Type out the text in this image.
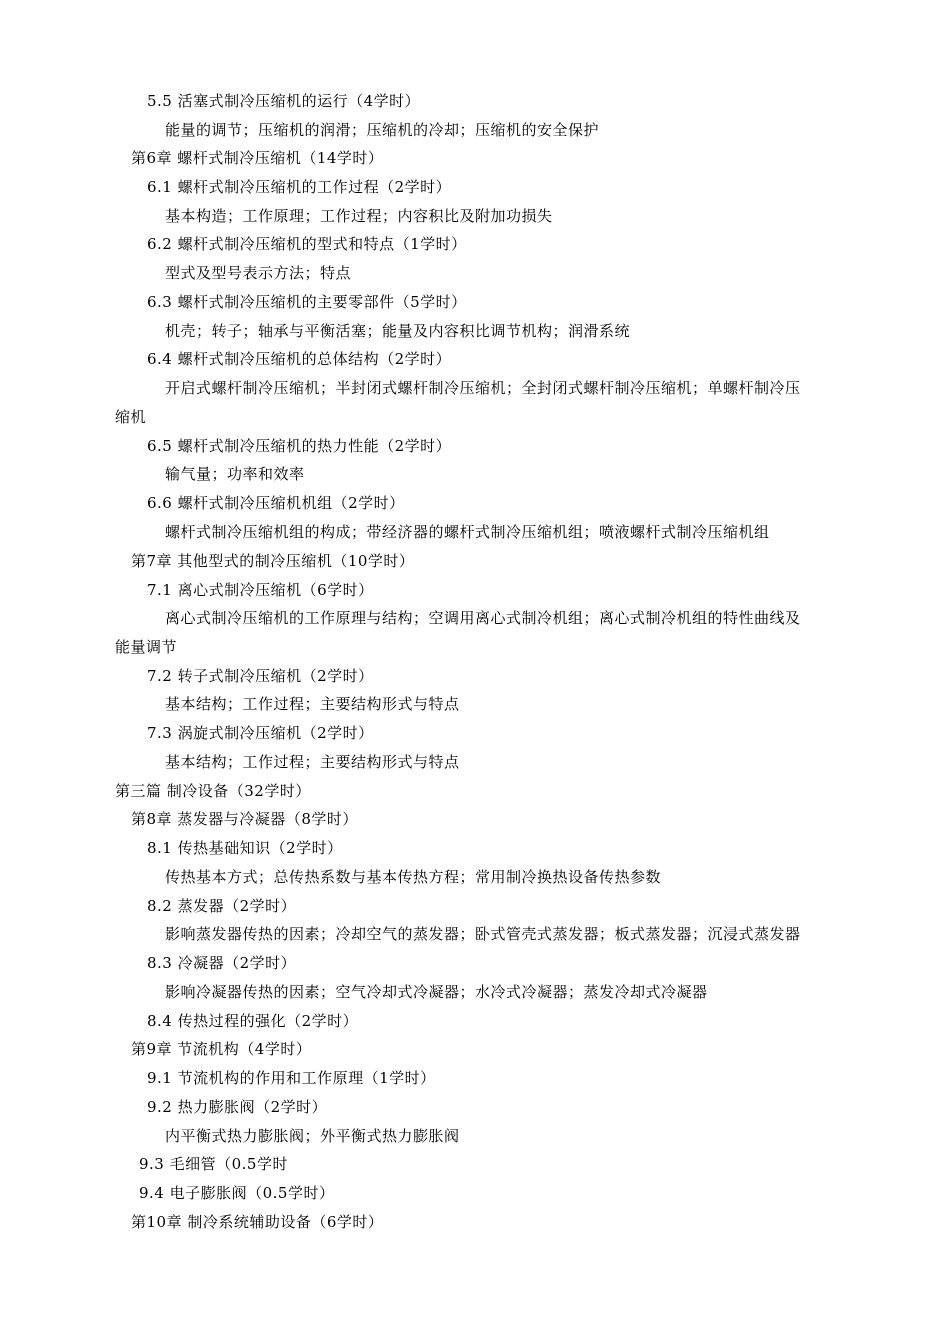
5.5 活塞式制冷压缩机的运行（4学时）
能量的调节；压缩机的润滑；压缩机的冷却；压缩机的安全保护
第6章 螺杆式制冷压缩机（14学时）
6.1 螺杆式制冷压缩机的工作过程（2学时）
基本构造；工作原理；工作过程；内容积比及附加功损失
6.2 螺杆式制冷压缩机的型式和特点（1学时）
型式及型号表示方法；特点
6.3 螺杆式制冷压缩机的主要零部件（5学时）
机壳；转子；轴承与平衡活塞；能量及内容积比调节机构；润滑系统
6.4 螺杆式制冷压缩机的总体结构（2学时）
开启式螺杆制冷压缩机；半封闭式螺杆制冷压缩机；全封闭式螺杆制冷压缩机；单螺杆制冷压
缩机
6.5 螺杆式制冷压缩机的热力性能（2学时）
输气量；功率和效率
6.6 螺杆式制冷压缩机机组（2学时）
螺杆式制冷压缩机组的构成；带经济器的螺杆式制冷压缩机组；喷液螺杆式制冷压缩机组
第7章 其他型式的制冷压缩机（10学时）
7.1 离心式制冷压缩机（6学时）
离心式制冷压缩机的工作原理与结构；空调用离心式制冷机组；离心式制冷机组的特性曲线及
能量调节
7.2 转子式制冷压缩机（2学时）
基本结构；工作过程；主要结构形式与特点
7.3 涡旋式制冷压缩机（2学时）
基本结构；工作过程；主要结构形式与特点
第三篇 制冷设备（32学时）
第8章 蒸发器与冷凝器（8学时）
8.1 传热基础知识（2学时）
传热基本方式；总传热系数与基本传热方程；常用制冷换热设备传热参数
8.2 蒸发器（2学时）
影响蒸发器传热的因素；冷却空气的蒸发器；卧式管壳式蒸发器；板式蒸发器；沉浸式蒸发器
8.3 冷凝器（2学时）
影响冷凝器传热的因素；空气冷却式冷凝器；水冷式冷凝器；蒸发冷却式冷凝器
8.4 传热过程的强化（2学时）
第9章 节流机构（4学时）
9.1 节流机构的作用和工作原理（1学时）
9.2 热力膨胀阀（2学时）
内平衡式热力膨胀阀；外平衡式热力膨胀阀
9.3 毛细管（0.5学时
9.4 电子膨胀阀（0.5学时）
第10章 制冷系统辅助设备（6学时）
